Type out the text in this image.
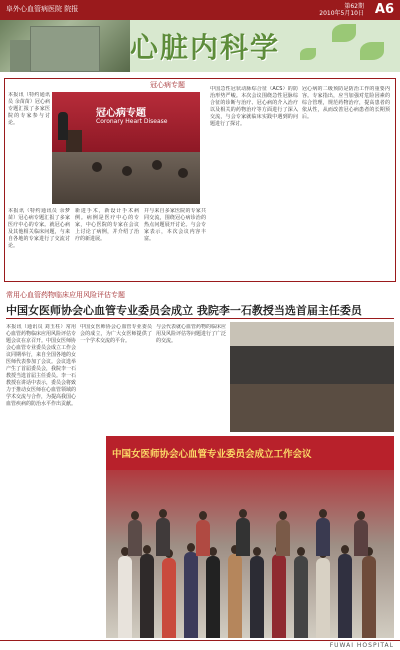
阜外心血管病医院 院报	第62期
2010年5月10日 A6
心脏内科学
冠心病专题
本报讯（特约通讯员 余苗苗）冠心病专题汇报了多家医院的专家参与讨论。
冠心病专题
Coronary Heart Disease
本报讯（特约通讯员 余梦苗）冠心病专题汇报了多家医疗中心的专家。就冠心病及其他相关临床问题，与来自各地的专家进行了交流讨论。
新进手术，新设计手术病例。病例是医疗中心的专家，中心医院的专家在会议上讨论了病例，并介绍了治疗的新进展。
并与来自多家医院的专家共同交流，围绕冠心病诊治的热点问题展开讨论。与会专家表示，本次会议内容丰富。
中国急性冠状动脉综合征（ACS）的防治形势严峻。本次会议围绕急性冠脉综合征的诊断与治疗、冠心病的介入治疗以及相关的药物治疗等方面进行了深入交流，与会专家就临床实践中遇到的问题进行了探讨。
冠心病的二级预防是防治工作的重要内容。专家指出，应当加强对危险因素的综合管理，规范药物治疗，提高患者的依从性，从而改善冠心病患者的长期预后。
常用心血管药物临床应用风险评估专题
中国女医师协会心血管专业委员会成立 我院李一石教授当选首届主任委员
本报讯（通讯员 刘玉柱）常用心血管药物临床应用风险评估专题会议在京召开。中国女医师协会心血管专业委员会成立工作会议同期举行，来自全国各地的女医师代表参加了会议。会议选举产生了首届委员会，我院李一石教授当选首届主任委员。李一石教授在讲话中表示，委员会将致力于推动女医师在心血管领域的学术交流与合作，为提高我国心血管疾病的防治水平作出贡献。
中国女医师协会心血管专业委员会的成立，为广大女医师提供了一个学术交流的平台。
与会代表就心血管药物的临床应用及风险评估等问题进行了广泛的交流。
中国女医师协会心血管专业委员会成立工作会议
FUWAI HOSPITAL
